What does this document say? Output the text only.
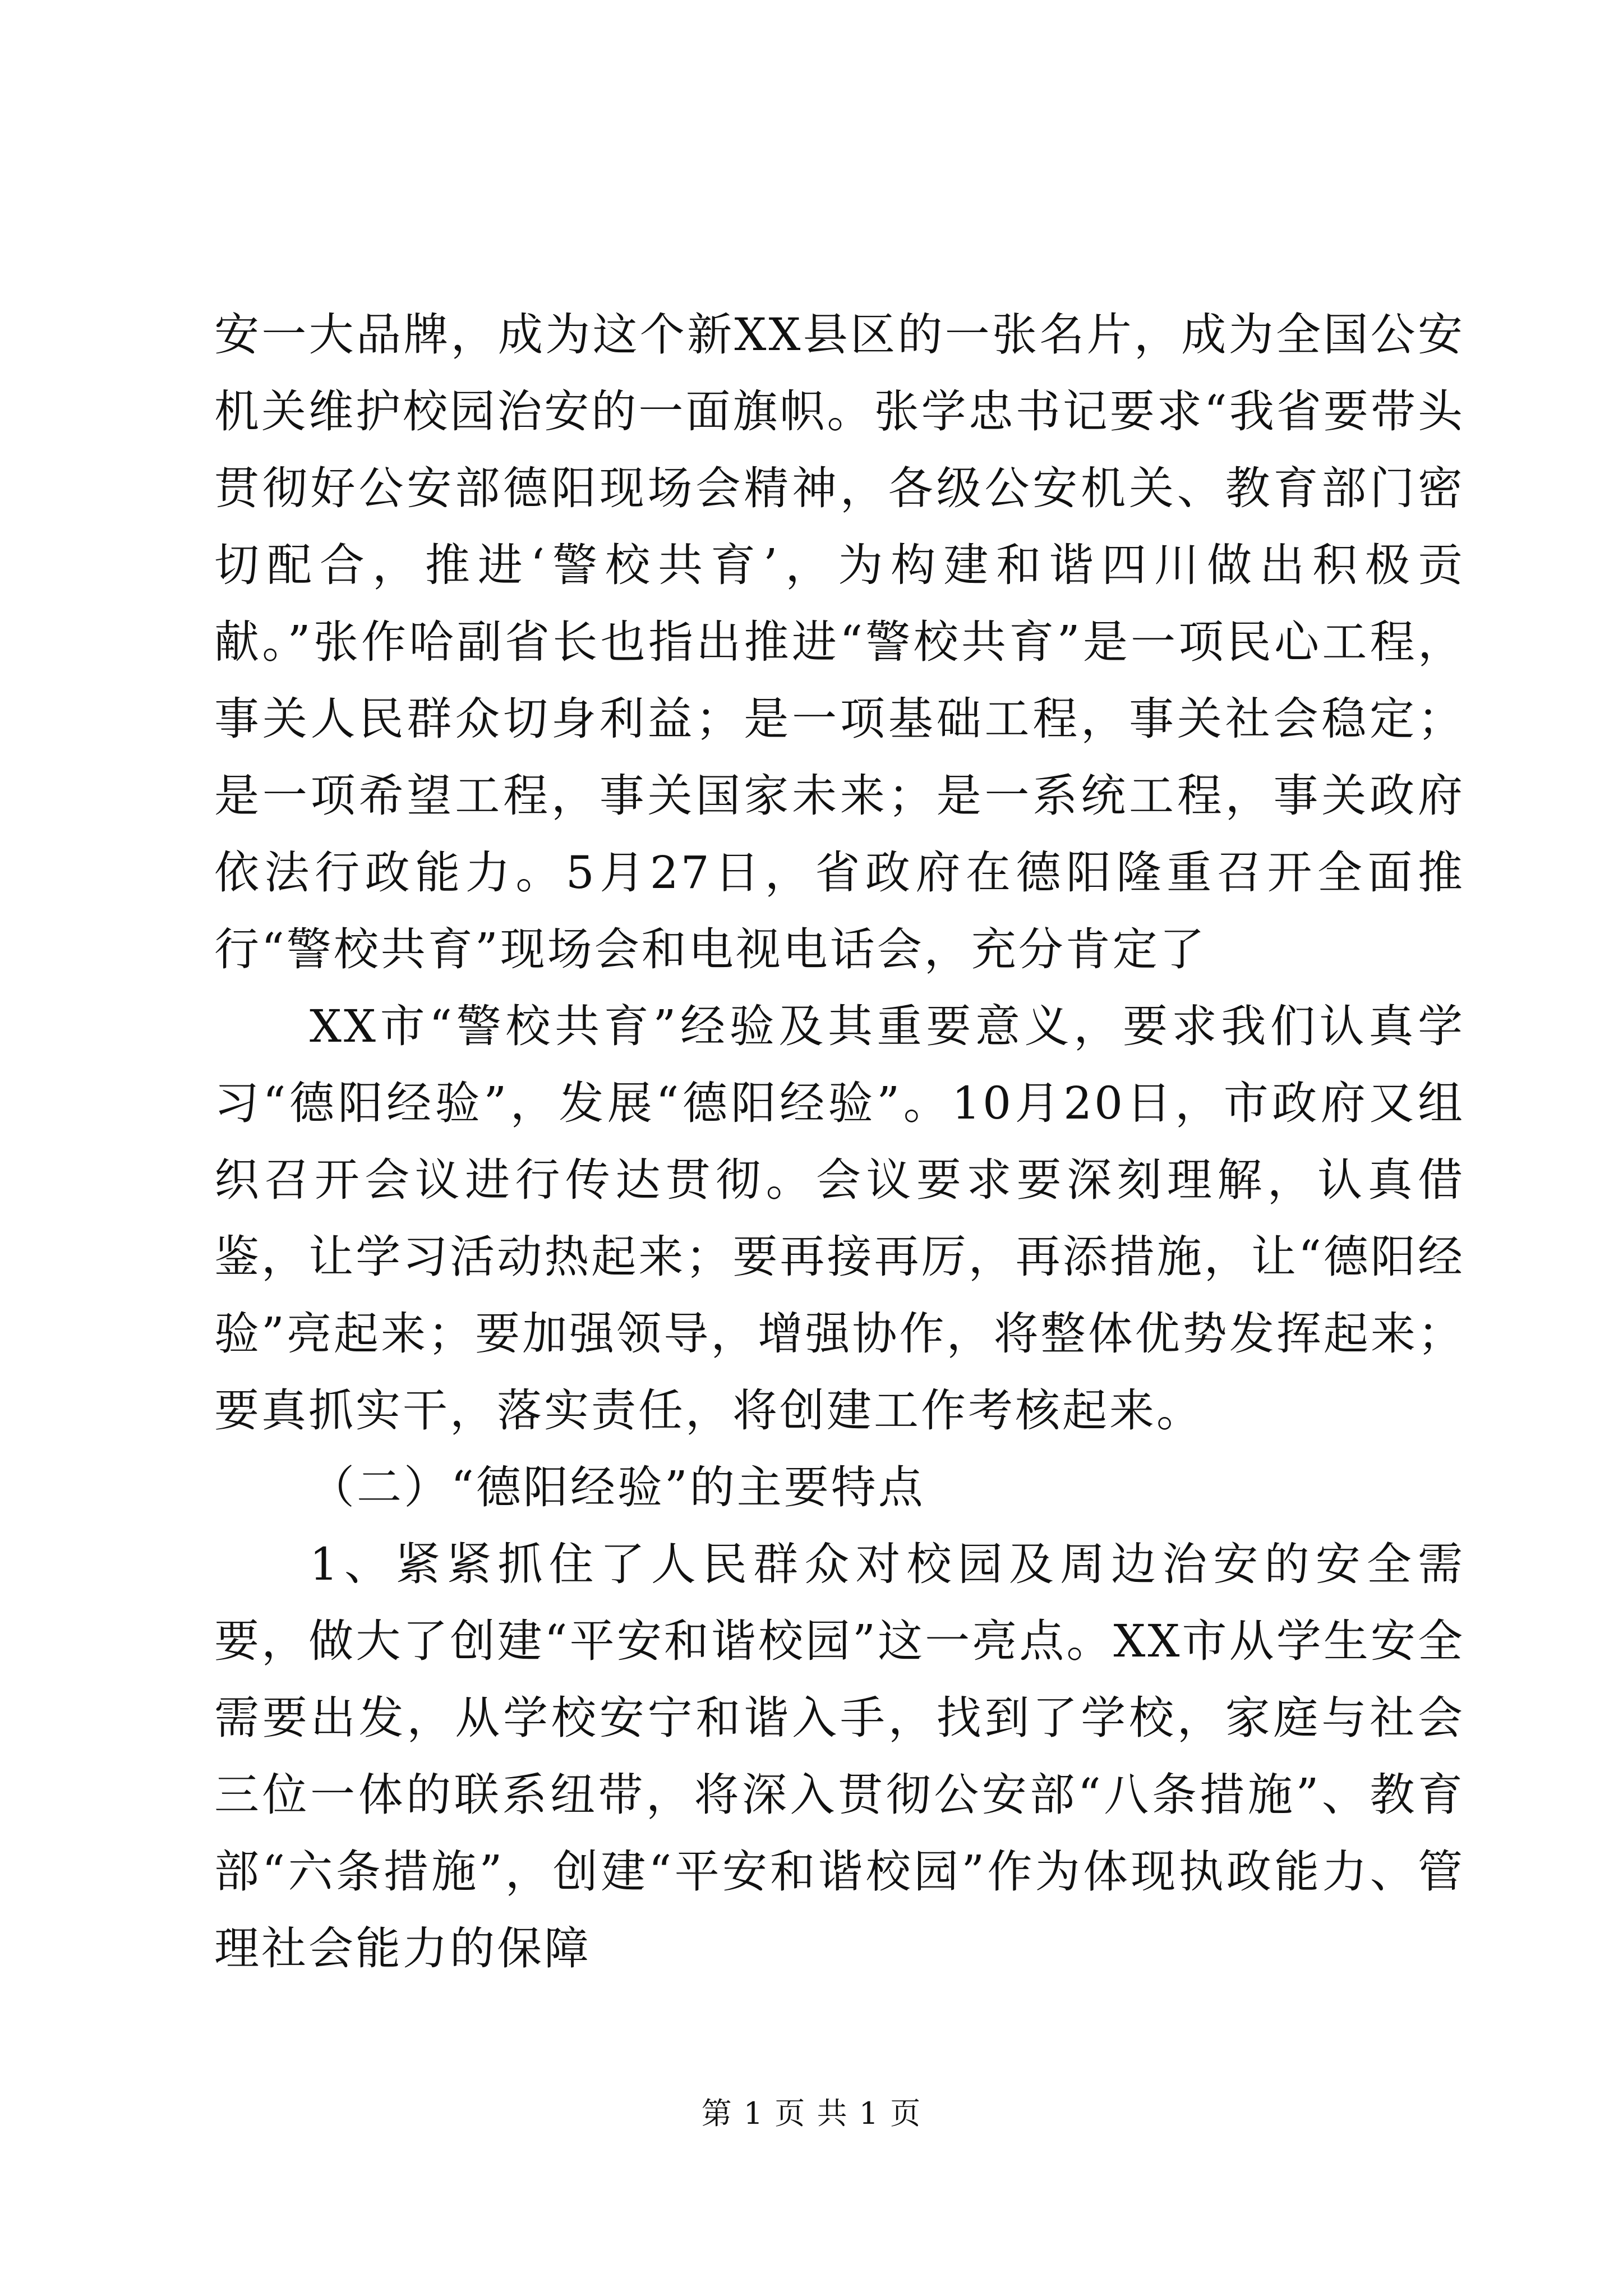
安一大品牌，成为这个新XX县区的一张名片，成为全国公安机关维护校园治安的一面旗帜。张学忠书记要求“我省要带头贯彻好公安部德阳现场会精神，各级公安机关、教育部门密切配合，推进‘警校共育’，为构建和谐四川做出积极贡献。”张作哈副省长也指出推进“警校共育”是一项民心工程，事关人民群众切身利益；是一项基础工程，事关社会稳定；是一项希望工程，事关国家未来；是一系统工程，事关政府依法行政能力。5月27日，省政府在德阳隆重召开全面推行“警校共育”现场会和电视电话会，充分肯定了

XX市“警校共育”经验及其重要意义，要求我们认真学习“德阳经验”，发展“德阳经验”。10月20日，市政府又组织召开会议进行传达贯彻。会议要求要深刻理解，认真借鉴，让学习活动热起来；要再接再厉，再添措施，让“德阳经验”亮起来；要加强领导，增强协作，将整体优势发挥起来；要真抓实干，落实责任，将创建工作考核起来。

（二）“德阳经验”的主要特点

1、紧紧抓住了人民群众对校园及周边治安的安全需要，做大了创建“平安和谐校园”这一亮点。XX市从学生安全需要出发，从学校安宁和谐入手，找到了学校，家庭与社会三位一体的联系纽带，将深入贯彻公安部“八条措施”、教育部“六条措施”，创建“平安和谐校园”作为体现执政能力、管理社会能力的保障

第 1 页 共 1 页
